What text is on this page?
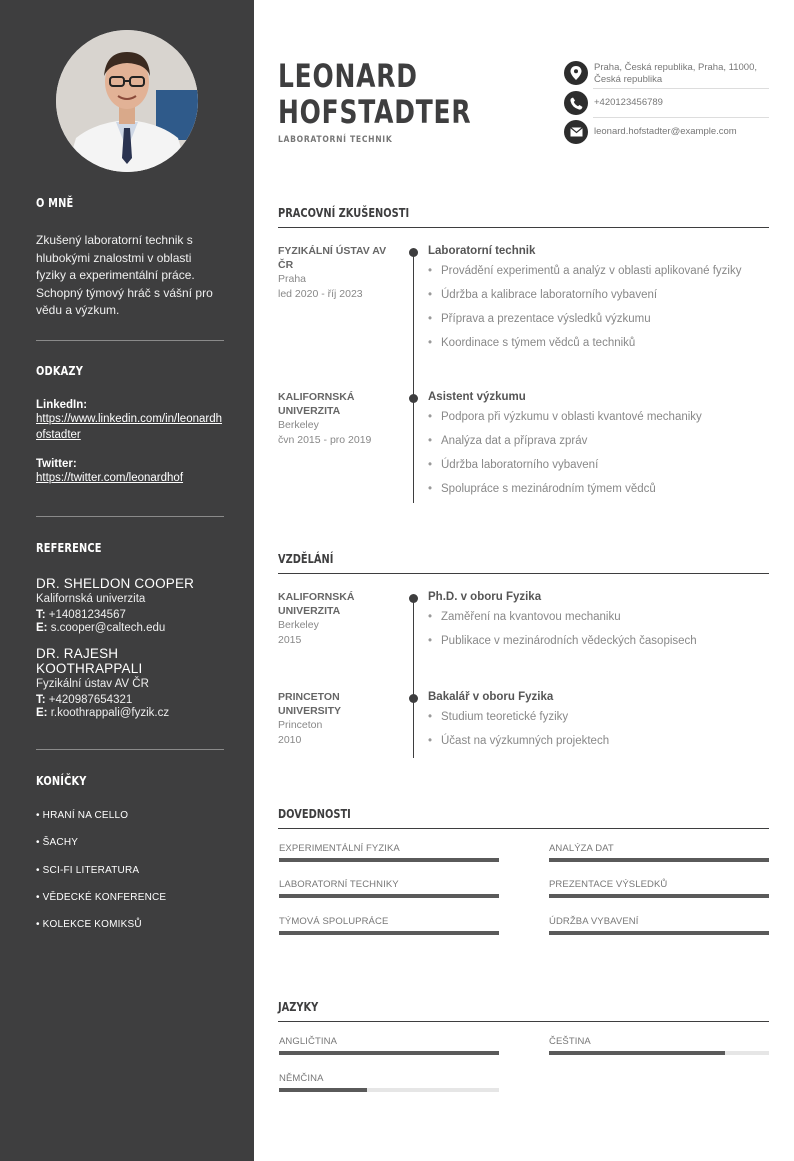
O MNĚ
Zkušený laboratorní technik s hlubokými znalostmi v oblasti fyziky a experimentální práce. Schopný týmový hráč s vášní pro vědu a výzkum.
ODKAZY
LinkedIn:
https://www.linkedin.com/in/leonardhofstadter
Twitter:
https://twitter.com/leonardhof
REFERENCE
DR. SHELDON COOPER
Kalifornská univerzita
T: +14081234567
E: s.cooper@caltech.edu
DR. RAJESH KOOTHRAPPALI
Fyzikální ústav AV ČR
T: +420987654321
E: r.koothrappali@fyzik.cz
KONÍČKY
• HRANÍ NA CELLO
• ŠACHY
• SCI-FI LITERATURA
• VĚDECKÉ KONFERENCE
• KOLEKCE KOMIKSŮ
LEONARD
HOFSTADTER
LABORATORNÍ TECHNIK
Praha, Česká republika, Praha, 11000, Česká republika
+420123456789
leonard.hofstadter@example.com
PRACOVNÍ ZKUŠENOSTI
FYZIKÁLNÍ ÚSTAV AV ČR
Praha
led 2020 - říj 2023
Laboratorní technik
• Provádění experimentů a analýz v oblasti aplikované fyziky
• Údržba a kalibrace laboratorního vybavení
• Příprava a prezentace výsledků výzkumu
• Koordinace s týmem vědců a techniků
KALIFORNSKÁ UNIVERZITA
Berkeley
čvn 2015 - pro 2019
Asistent výzkumu
• Podpora při výzkumu v oblasti kvantové mechaniky
• Analýza dat a příprava zpráv
• Údržba laboratorního vybavení
• Spolupráce s mezinárodním týmem vědců
VZDĚLÁNÍ
KALIFORNSKÁ UNIVERZITA
Berkeley
2015
Ph.D. v oboru Fyzika
• Zaměření na kvantovou mechaniku
• Publikace v mezinárodních vědeckých časopisech
PRINCETON UNIVERSITY
Princeton
2010
Bakalář v oboru Fyzika
• Studium teoretické fyziky
• Účast na výzkumných projektech
DOVEDNOSTI
EXPERIMENTÁLNÍ FYZIKA	ANALÝZA DAT
LABORATORNÍ TECHNIKY	PREZENTACE VÝSLEDKŮ
TÝMOVÁ SPOLUPRÁCE	ÚDRŽBA VYBAVENÍ
JAZYKY
ANGLIČTINA	ČEŠTINA
NĚMČINA
